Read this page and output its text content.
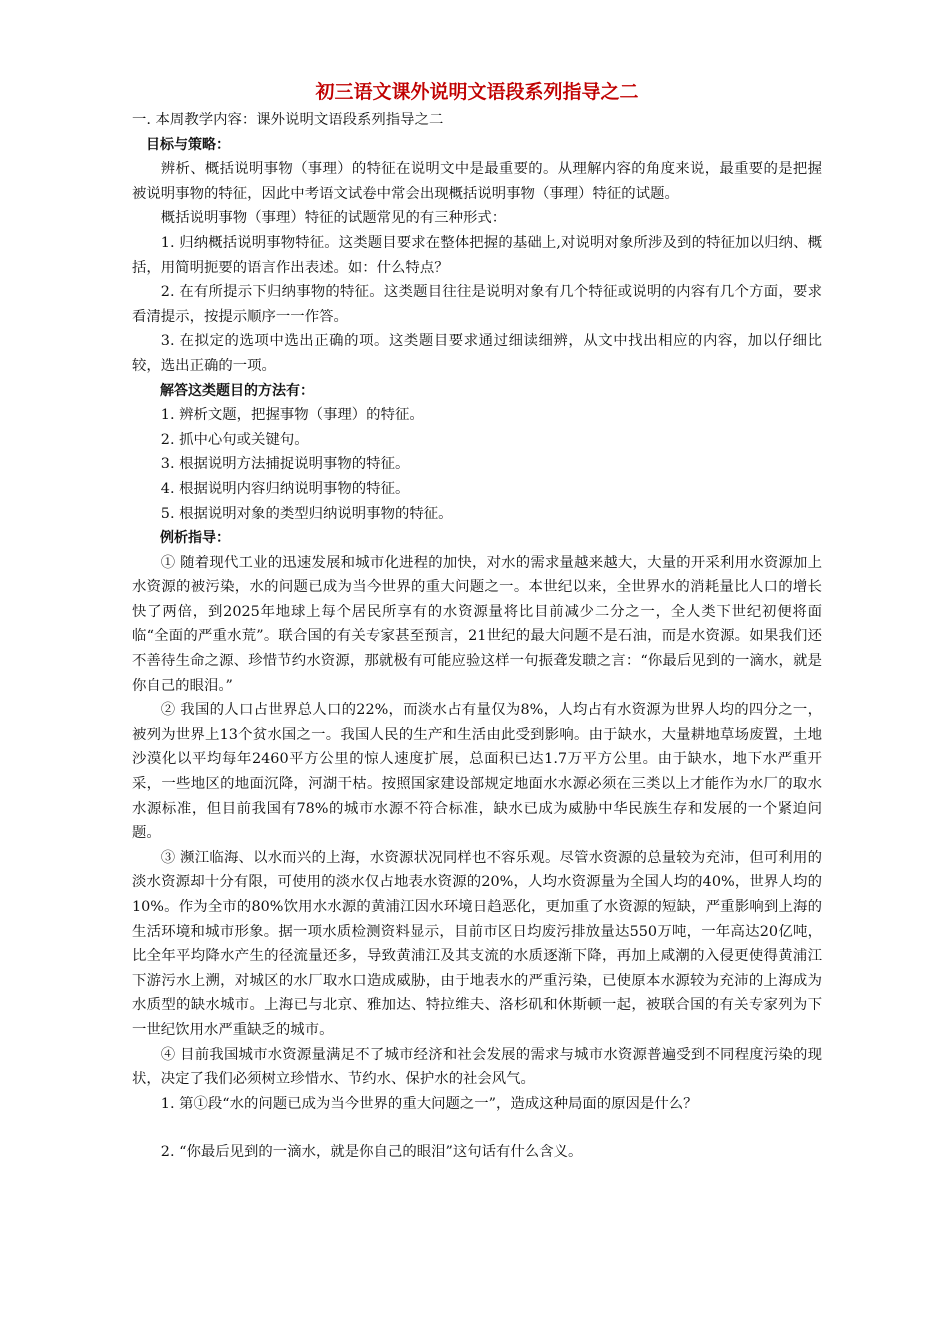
初三语文课外说明文语段系列指导之二
一. 本周教学内容：课外说明文语段系列指导之二
目标与策略：
辨析、概括说明事物（事理）的特征在说明文中是最重要的。从理解内容的角度来说，最重要的是把握被说明事物的特征，因此中考语文试卷中常会出现概括说明事物（事理）特征的试题。
概括说明事物（事理）特征的试题常见的有三种形式：
1. 归纳概括说明事物特征。这类题目要求在整体把握的基础上,对说明对象所涉及到的特征加以归纳、概括，用简明扼要的语言作出表述。如：什么特点？
2. 在有所提示下归纳事物的特征。这类题目往往是说明对象有几个特征或说明的内容有几个方面，要求看清提示，按提示顺序一一作答。
3. 在拟定的选项中选出正确的项。这类题目要求通过细读细辨，从文中找出相应的内容，加以仔细比较，选出正确的一项。
解答这类题目的方法有：
1. 辨析文题，把握事物（事理）的特征。
2. 抓中心句或关键句。
3. 根据说明方法捕捉说明事物的特征。
4. 根据说明内容归纳说明事物的特征。
5. 根据说明对象的类型归纳说明事物的特征。
例析指导：
① 随着现代工业的迅速发展和城市化进程的加快，对水的需求量越来越大，大量的开采利用水资源加上水资源的被污染，水的问题已成为当今世界的重大问题之一。本世纪以来，全世界水的消耗量比人口的增长快了两倍，到2025年地球上每个居民所享有的水资源量将比目前减少二分之一，全人类下世纪初便将面临“全面的严重水荒”。联合国的有关专家甚至预言，21世纪的最大问题不是石油，而是水资源。如果我们还不善待生命之源、珍惜节约水资源，那就极有可能应验这样一句振聋发聩之言：“你最后见到的一滴水，就是你自己的眼泪。”
② 我国的人口占世界总人口的22%，而淡水占有量仅为8%，人均占有水资源为世界人均的四分之一，被列为世界上13个贫水国之一。我国人民的生产和生活由此受到影响。由于缺水，大量耕地草场废置，土地沙漠化以平均每年2460平方公里的惊人速度扩展，总面积已达1.7万平方公里。由于缺水，地下水严重开采，一些地区的地面沉降，河湖干枯。按照国家建设部规定地面水水源必须在三类以上才能作为水厂的取水水源标准，但目前我国有78%的城市水源不符合标准，缺水已成为威胁中华民族生存和发展的一个紧迫问题。
③ 濒江临海、以水而兴的上海，水资源状况同样也不容乐观。尽管水资源的总量较为充沛，但可利用的淡水资源却十分有限，可使用的淡水仅占地表水资源的20%，人均水资源量为全国人均的40%，世界人均的10%。作为全市的80%饮用水水源的黄浦江因水环境日趋恶化，更加重了水资源的短缺，严重影响到上海的生活环境和城市形象。据一项水质检测资料显示，目前市区日均废污排放量达550万吨，一年高达20亿吨，比全年平均降水产生的径流量还多，导致黄浦江及其支流的水质逐渐下降，再加上咸潮的入侵更使得黄浦江下游污水上溯，对城区的水厂取水口造成威胁，由于地表水的严重污染，已使原本水源较为充沛的上海成为水质型的缺水城市。上海已与北京、雅加达、特拉维夫、洛杉矶和休斯顿一起，被联合国的有关专家列为下一世纪饮用水严重缺乏的城市。
④ 目前我国城市水资源量满足不了城市经济和社会发展的需求与城市水资源普遍受到不同程度污染的现状，决定了我们必须树立珍惜水、节约水、保护水的社会风气。
1. 第①段“水的问题已成为当今世界的重大问题之一”，造成这种局面的原因是什么？
2. “你最后见到的一滴水，就是你自己的眼泪”这句话有什么含义。
